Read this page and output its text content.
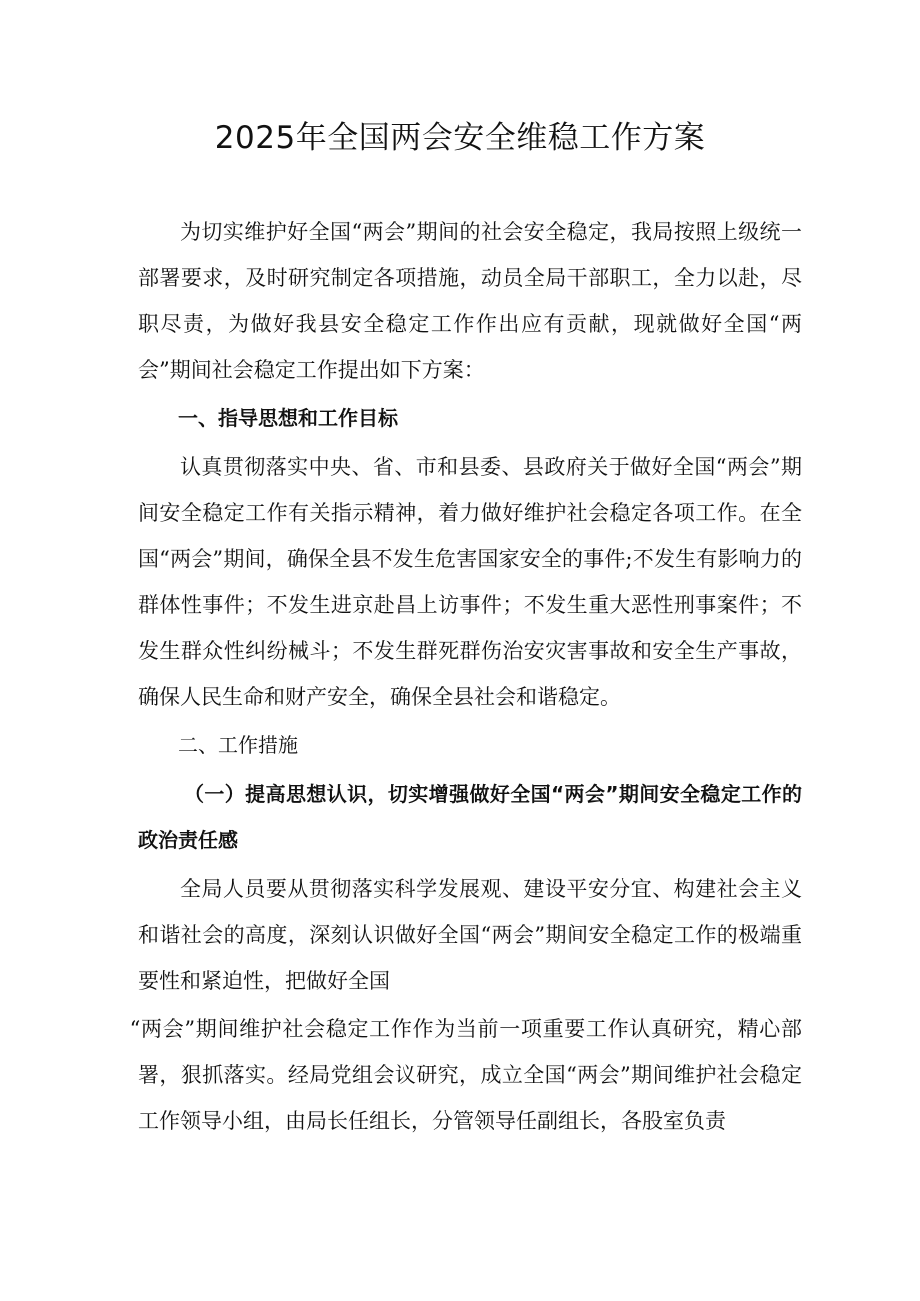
2025年全国两会安全维稳工作方案

为切实维护好全国“两会”期间的社会安全稳定，我局按照上级统一部署要求，及时研究制定各项措施，动员全局干部职工，全力以赴，尽职尽责，为做好我县安全稳定工作作出应有贡献，现就做好全国“两会”期间社会稳定工作提出如下方案：

一、指导思想和工作目标

认真贯彻落实中央、省、市和县委、县政府关于做好全国“两会”期间安全稳定工作有关指示精神，着力做好维护社会稳定各项工作。在全国“两会”期间，确保全县不发生危害国家安全的事件;不发生有影响力的群体性事件；不发生进京赴昌上访事件；不发生重大恶性刑事案件；不发生群众性纠纷械斗；不发生群死群伤治安灾害事故和安全生产事故，确保人民生命和财产安全，确保全县社会和谐稳定。

二、工作措施

（一）提高思想认识，切实增强做好全国“两会”期间安全稳定工作的政治责任感

全局人员要从贯彻落实科学发展观、建设平安分宜、构建社会主义和谐社会的高度，深刻认识做好全国“两会”期间安全稳定工作的极端重要性和紧迫性，把做好全国

“两会”期间维护社会稳定工作作为当前一项重要工作认真研究，精心部署，狠抓落实。经局党组会议研究，成立全国“两会”期间维护社会稳定工作领导小组，由局长任组长，分管领导任副组长，各股室负责
